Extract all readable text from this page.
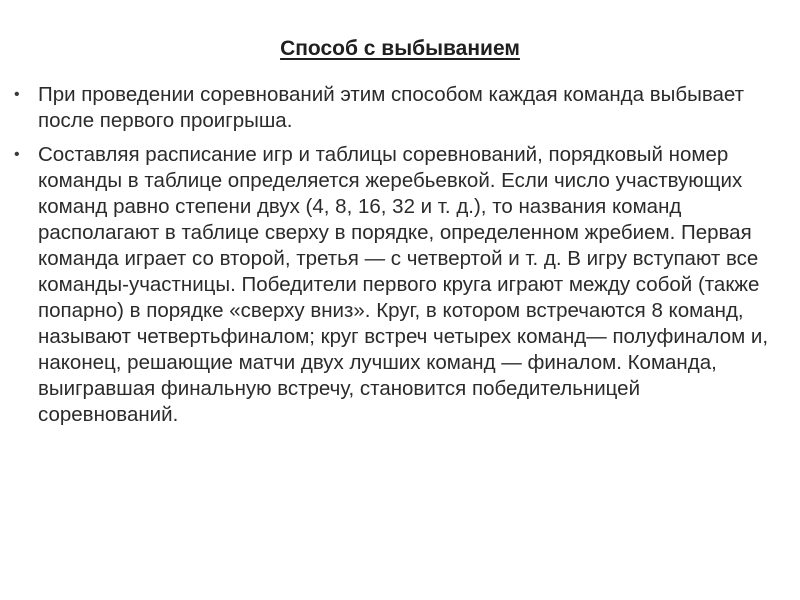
Способ с выбыванием
• При проведении соревнований этим способом каждая команда выбывает после первого проигрыша.
• Составляя расписание игр и таблицы соревнований, порядковый номер команды в таблице определяется жеребьевкой. Если число участвующих команд равно степени двух (4, 8, 16, 32 и т. д.), то названия команд располагают в таблице сверху в порядке, определенном жребием. Первая команда играет со второй, третья — с четвертой и т. д. В игру вступают все команды-участницы. Победители первого круга играют между собой (также попарно) в порядке «сверху вниз». Круг, в котором встречаются 8 команд, называют четвертьфиналом; круг встреч четырех команд— полуфиналом и, наконец, решающие матчи двух лучших команд — финалом. Команда, выигравшая финальную встречу, становится победительницей соревнований.
